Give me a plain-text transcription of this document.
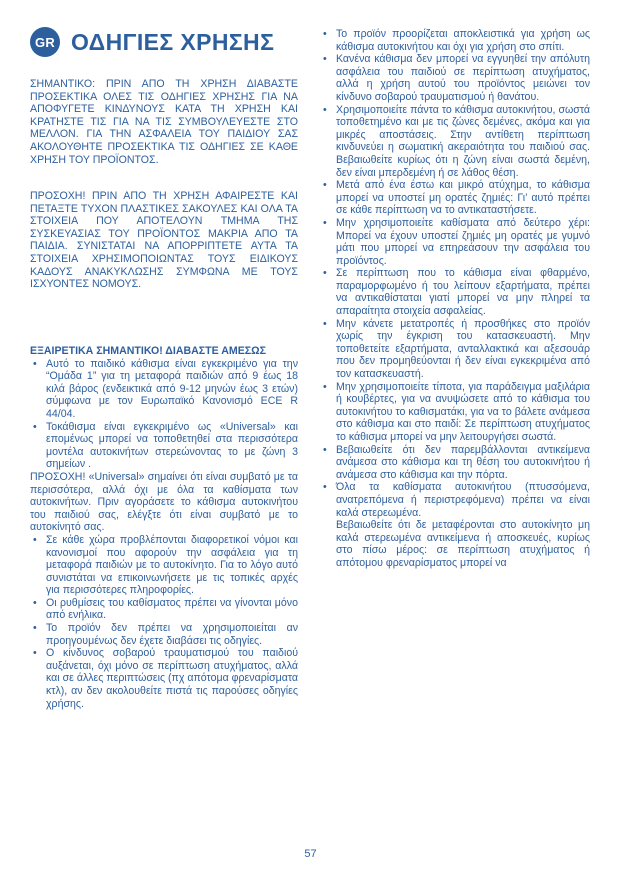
GR ΟΔΗΓΙΕΣ ΧΡΗΣΗΣ

ΣΗΜΑΝΤΙΚΟ: ΠΡΙΝ ΑΠΟ ΤΗ ΧΡΗΣΗ ΔΙΑΒΑΣΤΕ ΠΡΟΣΕΚΤΙΚΑ ΟΛΕΣ ΤΙΣ ΟΔΗΓΙΕΣ ΧΡΗΣΗΣ ΓΙΑ ΝΑ ΑΠΟΦΥΓΕΤΕ ΚΙΝΔΥΝΟΥΣ ΚΑΤΑ ΤΗ ΧΡΗΣΗ ΚΑΙ ΚΡΑΤΗΣΤΕ ΤΙΣ ΓΙΑ ΝΑ ΤΙΣ ΣΥΜΒΟΥΛΕΥΕΣΤΕ ΣΤΟ ΜΕΛΛΟΝ. ΓΙΑ ΤΗΝ ΑΣΦΑΛΕΙΑ ΤΟΥ ΠΑΙΔΙΟΥ ΣΑΣ ΑΚΟΛΟΥΘΗΤΕ ΠΡΟΣΕΚΤΙΚΑ ΤΙΣ ΟΔΗΓΙΕΣ ΣΕ ΚΑΘΕ ΧΡΗΣΗ ΤΟΥ ΠΡΟΪΟΝΤΟΣ.

ΠΡΟΣΟΧΗ! ΠΡΙΝ ΑΠΟ ΤΗ ΧΡΗΣΗ ΑΦΑΙΡΕΣΤΕ ΚΑΙ ΠΕΤΑΞΤΕ ΤΥΧΟΝ ΠΛΑΣΤΙΚΕΣ ΣΑΚΟΥΛΕΣ ΚΑΙ ΟΛΑ ΤΑ ΣΤΟΙΧΕΙΑ ΠΟΥ ΑΠΟΤΕΛΟΥΝ ΤΜΗΜΑ ΤΗΣ ΣΥΣΚΕΥΑΣΙΑΣ ΤΟΥ ΠΡΟΪΟΝΤΟΣ ΜΑΚΡΙΑ ΑΠΟ ΤΑ ΠΑΙΔΙΑ. ΣΥΝΙΣΤΑΤΑΙ ΝΑ ΑΠΟΡΡΙΠΤΕΤΕ ΑΥΤΑ ΤΑ ΣΤΟΙΧΕΙΑ ΧΡΗΣΙΜΟΠΟΙΩΝΤΑΣ ΤΟΥΣ ΕΙΔΙΚΟΥΣ ΚΑΔΟΥΣ ΑΝΑΚΥΚΛΩΣΗΣ ΣΥΜΦΩΝΑ ΜΕ ΤΟΥΣ ΙΣΧΥΟΝΤΕΣ ΝΟΜΟΥΣ.

ΕΞΑΙΡΕΤΙΚΑ ΣΗΜΑΝΤΙΚΟ! ΔΙΑΒΑΣΤΕ ΑΜΕΣΩΣ

• Αυτό το παιδικό κάθισμα είναι εγκεκριμένο για την “Ομάδα 1” για τη μεταφορά παιδιών από 9 έως 18 κιλά βάρος (ενδεικτικά από 9-12 μηνών έως 3 ετών) σύμφωνα με τον Ευρωπαϊκό Κανονισμό ECE R 44/04.
• Τοκάθισμα είναι εγκεκριμένο ως «Universal» και επομένως μπορεί να τοποθετηθεί στα περισσότερα μοντέλα αυτοκινήτων στερεώνοντας το με ζώνη 3 σημείων .

ΠΡΟΣΟΧΗ! «Universal» σημαίνει ότι είναι συμβατό με τα περισσότερα, αλλά όχι με όλα τα καθίσματα των αυτοκινήτων. Πριν αγοράσετε το κάθισμα αυτοκινήτου του παιδιού σας, ελέγξτε ότι είναι συμβατό με το αυτοκίνητό σας.

• Σε κάθε χώρα προβλέπονται διαφορετικοί νόμοι και κανονισμοί που αφορούν την ασφάλεια για τη μεταφορά παιδιών με το αυτοκίνητο. Για το λόγο αυτό συνιστάται να επικοινωνήσετε με τις τοπικές αρχές για περισσότερες πληροφορίες.
• Οι ρυθμίσεις του καθίσματος πρέπει να γίνονται μόνο από ενήλικα.
• Το προϊόν δεν πρέπει να χρησιμοποιείται αν προηγουμένως δεν έχετε διαβάσει τις οδηγίες.
• Ο κίνδυνος σοβαρού τραυματισμού του παιδιού αυξάνεται, όχι μόνο σε περίπτωση ατυχήματος, αλλά και σε άλλες περιπτώσεις (πχ απότομα φρεναρίσματα κτλ), αν δεν ακολουθείτε πιστά τις παρούσες οδηγίες χρήσης.
• Το προϊόν προορίζεται αποκλειστικά για χρήση ως κάθισμα αυτοκινήτου και όχι για χρήση στο σπίτι.
• Κανένα κάθισμα δεν μπορεί να εγγυηθεί την απόλυτη ασφάλεια του παιδιού σε περίπτωση ατυχήματος, αλλά η χρήση αυτού του προϊόντος μειώνει τον κίνδυνο σοβαρού τραυματισμού ή θανάτου.
• Χρησιμοποιείτε πάντα το κάθισμα αυτοκινήτου, σωστά τοποθετημένο και με τις ζώνες δεμένες, ακόμα και για μικρές αποστάσεις. Στην αντίθετη περίπτωση κινδυνεύει η σωματική ακεραιότητα του παιδιού σας. Βεβαιωθείτε κυρίως ότι η ζώνη είναι σωστά δεμένη, δεν είναι μπερδεμένη ή σε λάθος θέση.
• Μετά από ένα έστω και μικρό ατύχημα, το κάθισμα μπορεί να υποστεί μη ορατές ζημιές: Γι’ αυτό πρέπει σε κάθε περίπτωση να το αντικαταστήσετε.
• Μην χρησιμοποιείτε καθίσματα από δεύτερο χέρι: Μπορεί να έχουν υποστεί ζημιές μη ορατές με γυμνό μάτι που μπορεί να επηρεάσουν την ασφάλεια του προϊόντος.
• Σε περίπτωση που το κάθισμα είναι φθαρμένο, παραμορφωμένο ή του λείπουν εξαρτήματα, πρέπει να αντικαθίσταται γιατί μπορεί να μην πληρεί τα απαραίτητα στοιχεία ασφαλείας.
• Μην κάνετε μετατροπές ή προσθήκες στο προϊόν χωρίς την έγκριση του κατασκευαστή. Μην τοποθετείτε εξαρτήματα, ανταλλακτικά και αξεσουάρ που δεν προμηθεύονται ή δεν είναι εγκεκριμένα από τον κατασκευαστή.
• Μην χρησιμοποιείτε τίποτα, για παράδειγμα μαξιλάρια ή κουβέρτες, για να ανυψώσετε από το κάθισμα του αυτοκινήτου το καθισματάκι, για να το βάλετε ανάμεσα στο κάθισμα και στο παιδί: Σε περίπτωση ατυχήματος το κάθισμα μπορεί να μην λειτουργήσει σωστά.
• Βεβαιωθείτε ότι δεν παρεμβάλλονται αντικείμενα ανάμεσα στο κάθισμα και τη θέση του αυτοκινήτου ή ανάμεσα στο κάθισμα και την πόρτα.
• Όλα τα καθίσματα αυτοκινήτου (πτυσσόμενα, ανατρεπόμενα ή περιστρεφόμενα) πρέπει να είναι καλά στερεωμένα.

Βεβαιωθείτε ότι δε μεταφέρονται στο αυτοκίνητο μη καλά στερεωμένα αντικείμενα ή αποσκευές, κυρίως στο πίσω μέρος: σε περίπτωση ατυχήματος ή απότομου φρεναρίσματος μπορεί να

57
